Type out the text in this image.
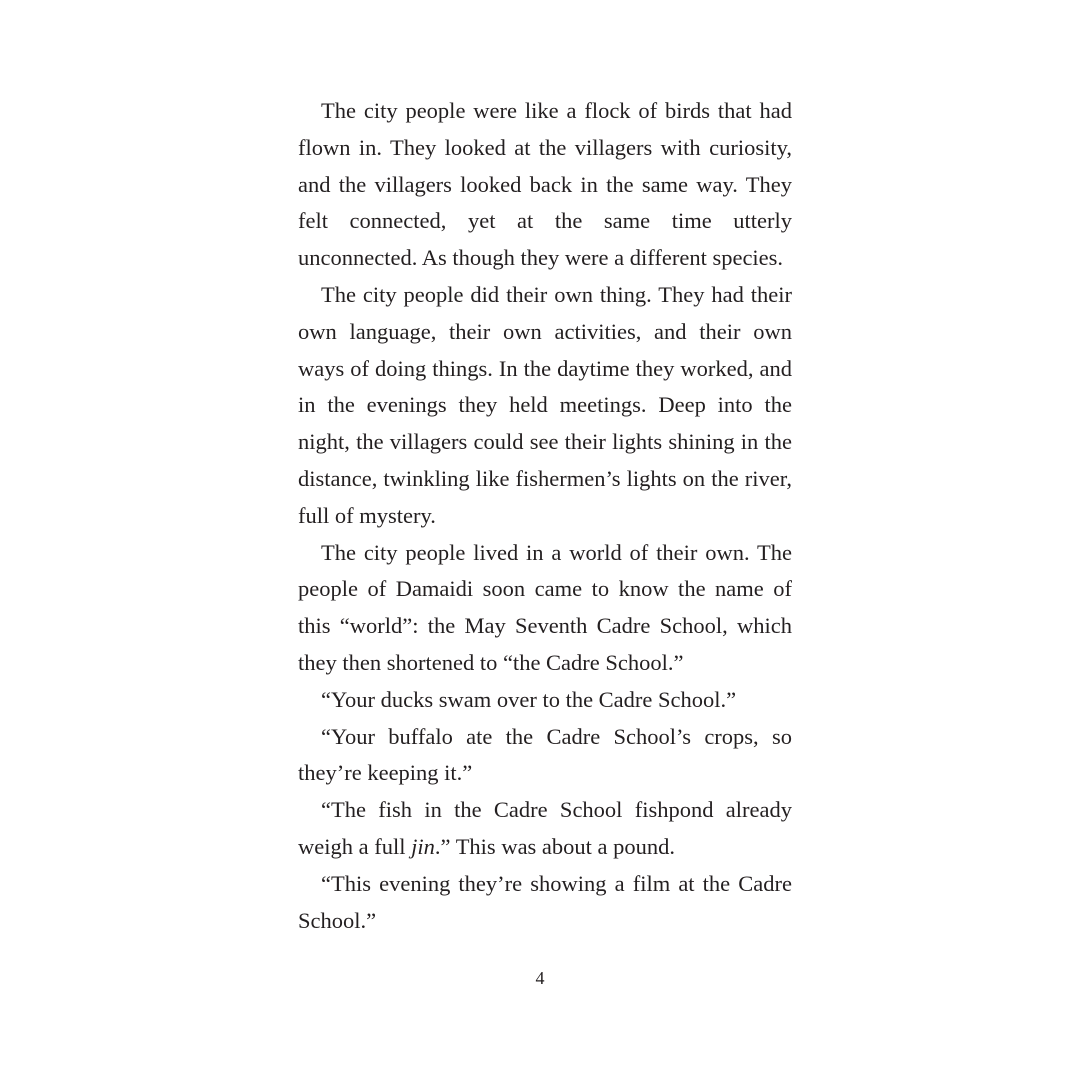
The city people were like a flock of birds that had flown in. They looked at the villagers with curiosity, and the villagers looked back in the same way. They felt connected, yet at the same time utterly unconnected. As though they were a different species.

The city people did their own thing. They had their own language, their own activities, and their own ways of doing things. In the daytime they worked, and in the evenings they held meetings. Deep into the night, the villagers could see their lights shining in the distance, twinkling like fishermen’s lights on the river, full of mystery.

The city people lived in a world of their own. The people of Damaidi soon came to know the name of this “world”: the May Seventh Cadre School, which they then shortened to “the Cadre School.”

“Your ducks swam over to the Cadre School.”

“Your buffalo ate the Cadre School’s crops, so they’re keeping it.”

“The fish in the Cadre School fishpond already weigh a full jin.” This was about a pound.

“This evening they’re showing a film at the Cadre School.”

4
